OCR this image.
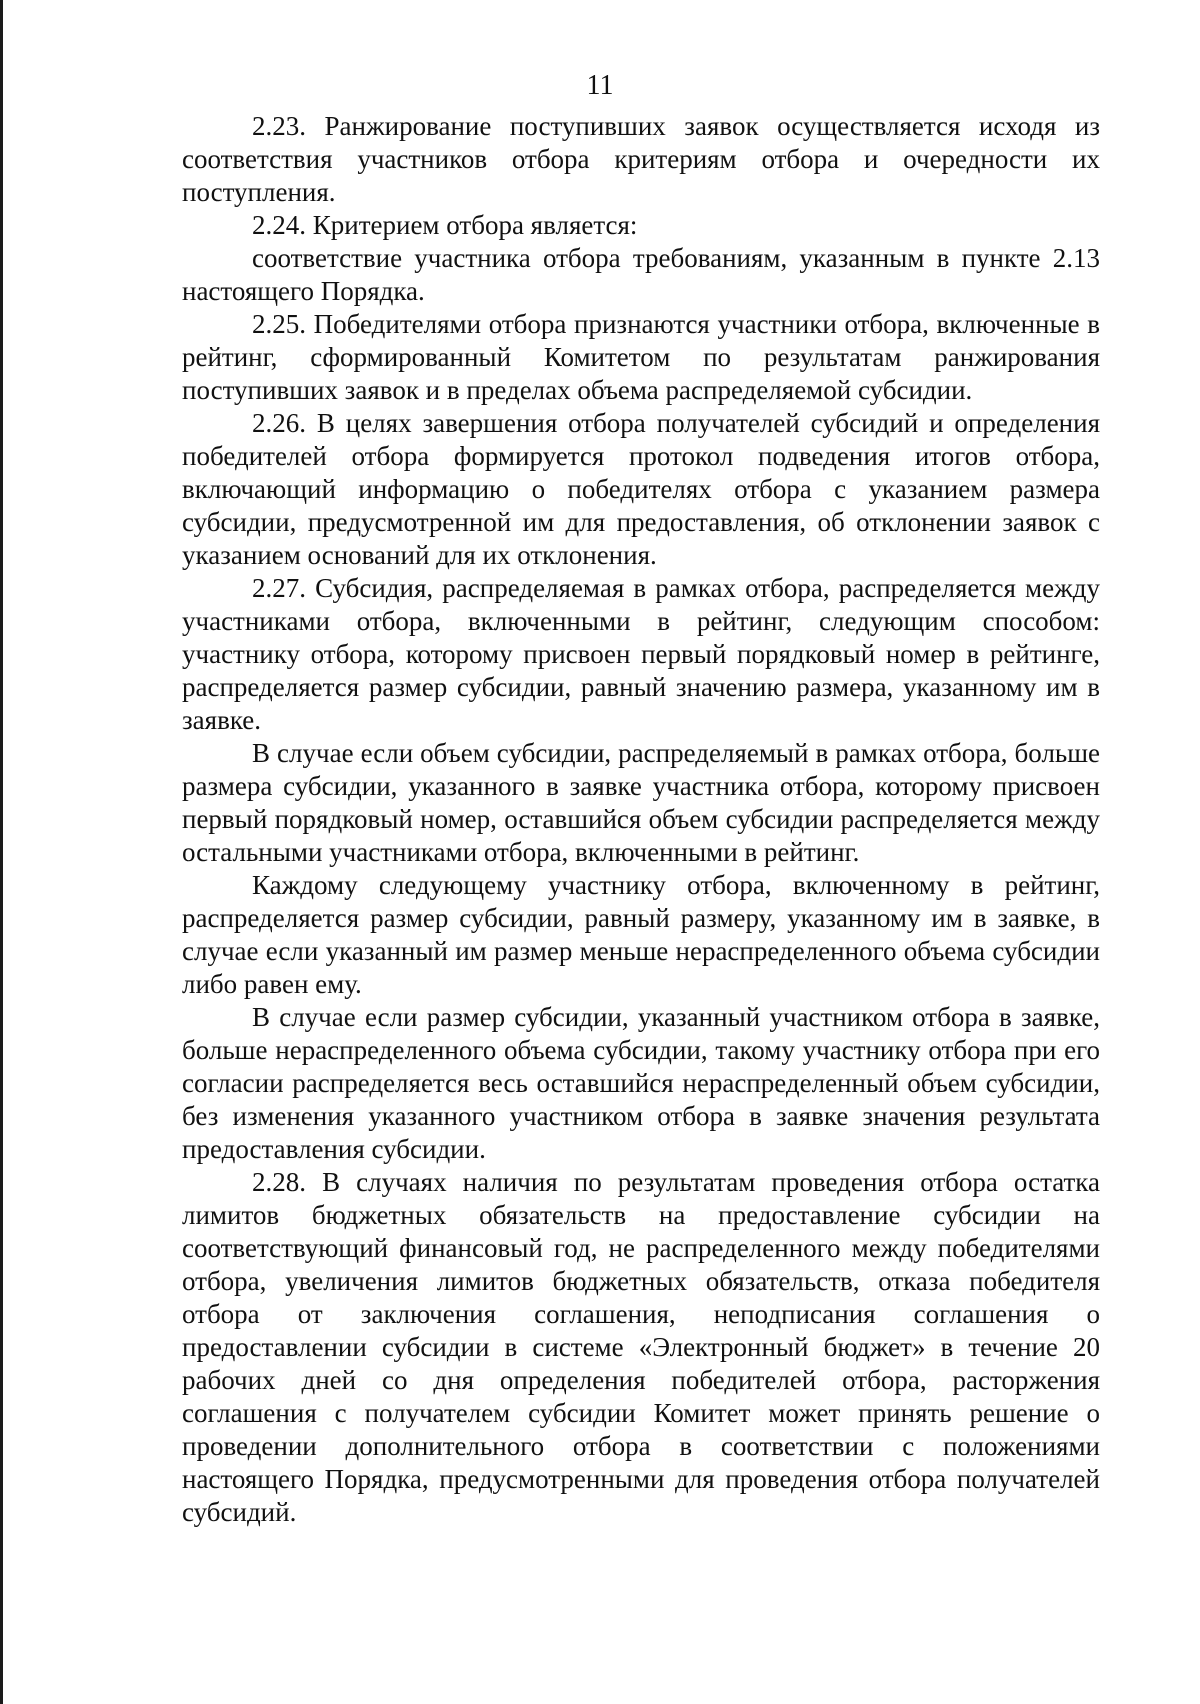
11

2.23. Ранжирование поступивших заявок осуществляется исходя из соответствия участников отбора критериям отбора и очередности их поступления.

2.24. Критерием отбора является:

соответствие участника отбора требованиям, указанным в пункте 2.13 настоящего Порядка.

2.25. Победителями отбора признаются участники отбора, включенные в рейтинг, сформированный Комитетом по результатам ранжирования поступивших заявок и в пределах объема распределяемой субсидии.

2.26. В целях завершения отбора получателей субсидий и определения победителей отбора формируется протокол подведения итогов отбора, включающий информацию о победителях отбора с указанием размера субсидии, предусмотренной им для предоставления, об отклонении заявок с указанием оснований для их отклонения.

2.27. Субсидия, распределяемая в рамках отбора, распределяется между участниками отбора, включенными в рейтинг, следующим способом: участнику отбора, которому присвоен первый порядковый номер в рейтинге, распределяется размер субсидии, равный значению размера, указанному им в заявке.

В случае если объем субсидии, распределяемый в рамках отбора, больше размера субсидии, указанного в заявке участника отбора, которому присвоен первый порядковый номер, оставшийся объем субсидии распределяется между остальными участниками отбора, включенными в рейтинг.

Каждому следующему участнику отбора, включенному в рейтинг, распределяется размер субсидии, равный размеру, указанному им в заявке, в случае если указанный им размер меньше нераспределенного объема субсидии либо равен ему.

В случае если размер субсидии, указанный участником отбора в заявке, больше нераспределенного объема субсидии, такому участнику отбора при его согласии распределяется весь оставшийся нераспределенный объем субсидии, без изменения указанного участником отбора в заявке значения результата предоставления субсидии.

2.28. В случаях наличия по результатам проведения отбора остатка лимитов бюджетных обязательств на предоставление субсидии на соответствующий финансовый год, не распределенного между победителями отбора, увеличения лимитов бюджетных обязательств, отказа победителя отбора от заключения соглашения, неподписания соглашения о предоставлении субсидии в системе «Электронный бюджет» в течение 20 рабочих дней со дня определения победителей отбора, расторжения соглашения с получателем субсидии Комитет может принять решение о проведении дополнительного отбора в соответствии с положениями настоящего Порядка, предусмотренными для проведения отбора получателей субсидий.
